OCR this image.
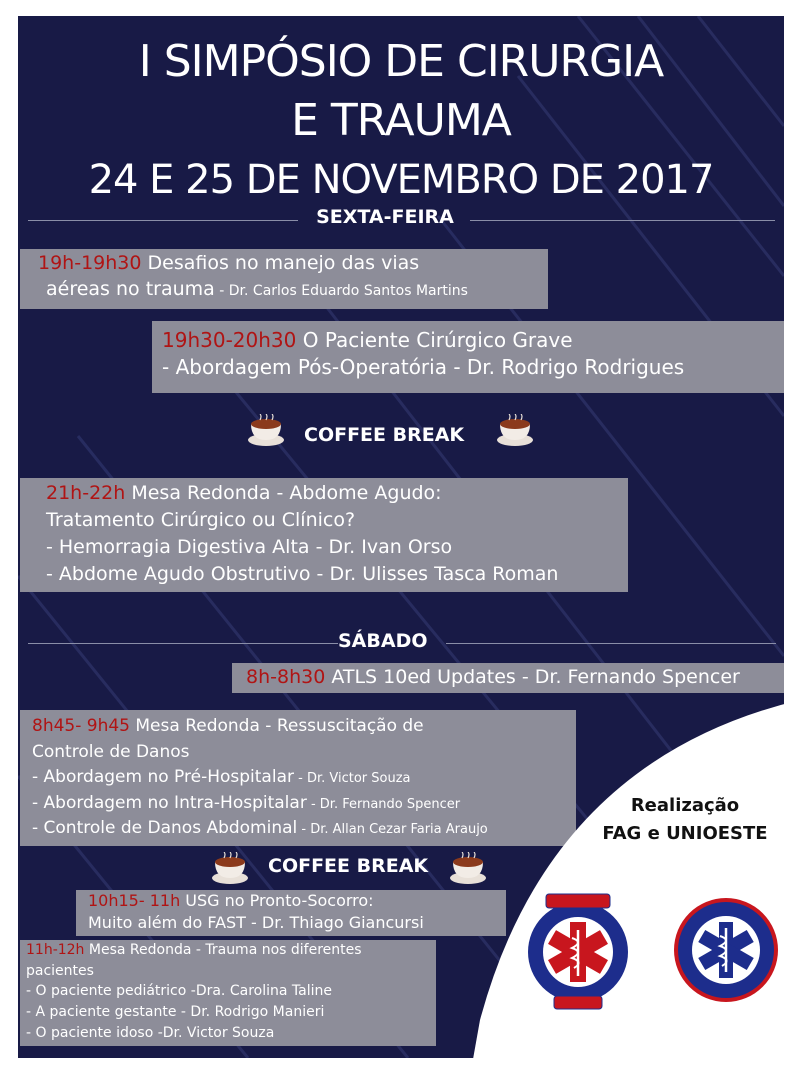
I SIMPÓSIO DE CIRURGIA
E TRAUMA
24 E 25 DE NOVEMBRO DE 2017
SEXTA-FEIRA
19h-19h30 Desafios no manejo das vias
aéreas no trauma - Dr. Carlos Eduardo Santos Martins
19h30-20h30 O Paciente Cirúrgico Grave
- Abordagem Pós-Operatória - Dr. Rodrigo Rodrigues
COFFEE BREAK
21h-22h Mesa Redonda - Abdome Agudo:
Tratamento Cirúrgico ou Clínico?
- Hemorragia Digestiva Alta - Dr. Ivan Orso
- Abdome Agudo Obstrutivo - Dr. Ulisses Tasca Roman
SÁBADO
8h-8h30 ATLS 10ed Updates - Dr. Fernando Spencer
8h45- 9h45 Mesa Redonda - Ressuscitação de
Controle de Danos
- Abordagem no Pré-Hospitalar - Dr. Victor Souza
- Abordagem no Intra-Hospitalar - Dr. Fernando Spencer
- Controle de Danos Abdominal - Dr. Allan Cezar Faria Araujo
COFFEE BREAK
10h15- 11h USG no Pronto-Socorro:
Muito além do FAST - Dr. Thiago Giancursi
11h-12h Mesa Redonda - Trauma nos diferentes
pacientes
- O paciente pediátrico -Dra. Carolina Taline
- A paciente gestante - Dr. Rodrigo Manieri
- O paciente idoso -Dr. Victor Souza
Realização
FAG e UNIOESTE
